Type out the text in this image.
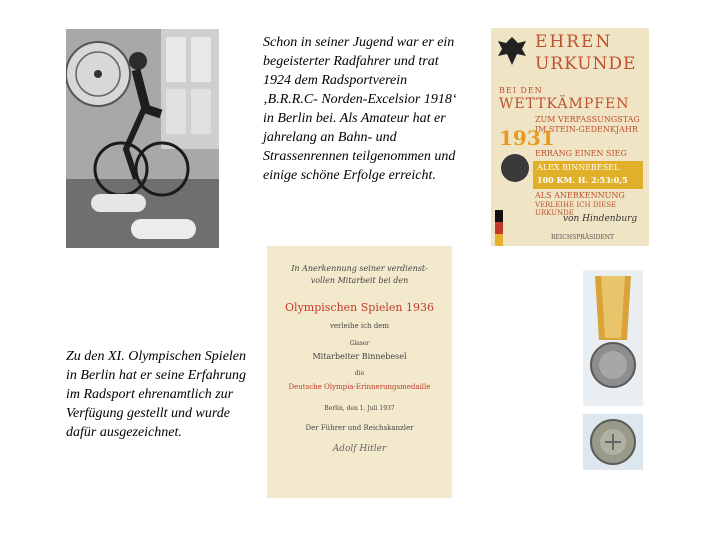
Schon in seiner Jugend war er ein begeisterter Radfahrer und trat 1924 dem Radsportverein ‚B.R.R.C- Norden-Excelsior 1918‘ in Berlin bei. Als Amateur hat er jahrelang an Bahn- und Strassenrennen teilgenommen und einige schöne Erfolge erreicht.

Zu den XI. Olympischen Spielen in Berlin hat er seine Erfahrung im Radsport ehrenamtlich zur Verfügung gestellt und wurde dafür ausgezeichnet.

EHREN

URKUNDE

BEI DEN

WETTKÄMPFEN

ZUM VERFASSUNGSTAG

IM STEIN-GEDENKJAHR

1931

ERRANG EINEN SIEG

ALEX BINNEBESEL

100 KM. H. 2:53:0,5

ALS ANERKENNUNG

VERLEIHE ICH DIESE URKUNDE

von Hindenburg

REICHSPRÄSIDENT

In Anerkennung seiner verdienst-

vollen Mitarbeit bei den

Olympischen Spielen 1936

verleihe ich dem

Glaser

Mitarbeiter Binnebesel

die

Deutsche Olympia-Erinnerungsmedaille

Berlin, den 1. Juli 1937

Der Führer und Reichskanzler

Adolf Hitler
